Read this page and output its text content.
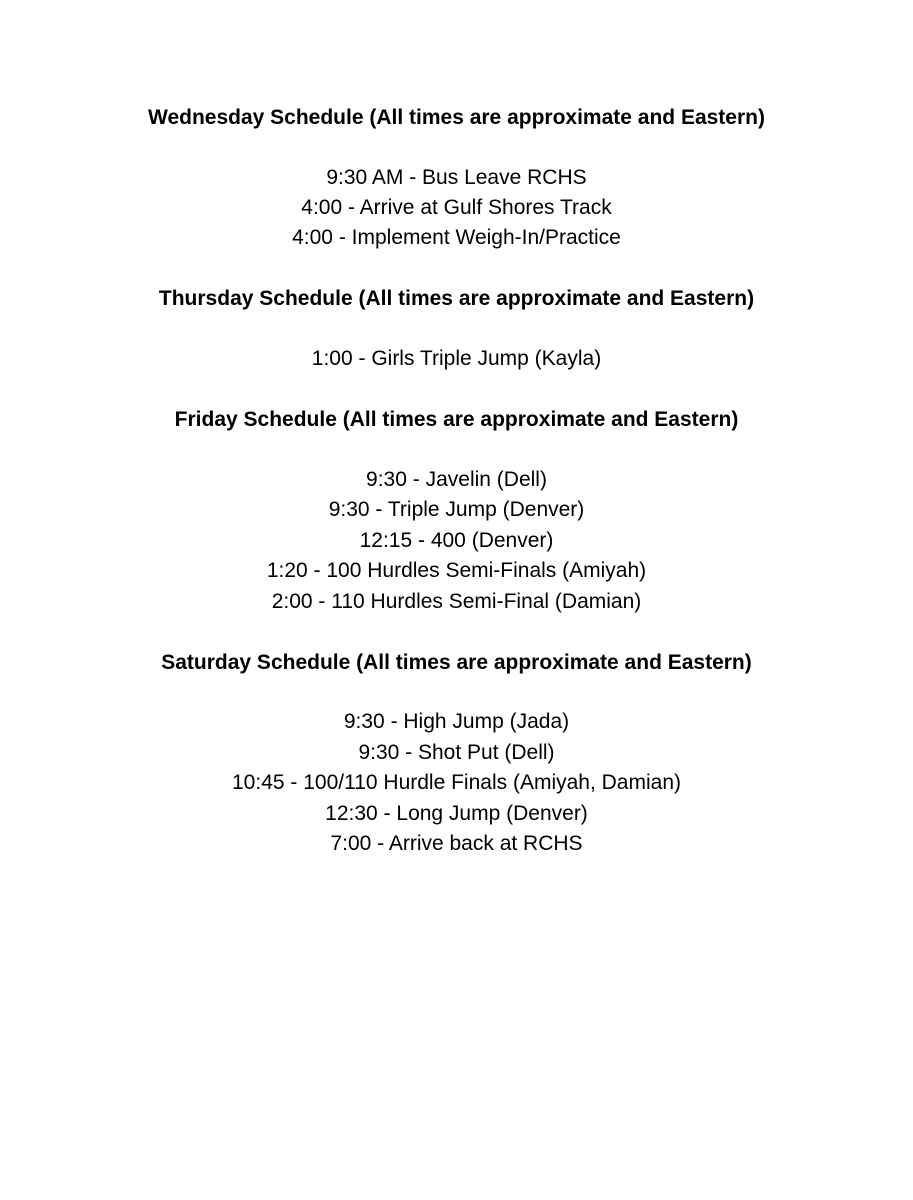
Wednesday Schedule (All times are approximate and Eastern)
9:30 AM - Bus Leave RCHS
4:00 - Arrive at Gulf Shores Track
4:00 - Implement Weigh-In/Practice
Thursday Schedule (All times are approximate and Eastern)
1:00 - Girls Triple Jump (Kayla)
Friday Schedule (All times are approximate and Eastern)
9:30 - Javelin (Dell)
9:30 - Triple Jump (Denver)
12:15 - 400 (Denver)
1:20 - 100 Hurdles Semi-Finals (Amiyah)
2:00 - 110 Hurdles Semi-Final (Damian)
Saturday Schedule (All times are approximate and Eastern)
9:30 - High Jump (Jada)
9:30 - Shot Put (Dell)
10:45 - 100/110 Hurdle Finals (Amiyah, Damian)
12:30 - Long Jump (Denver)
7:00 - Arrive back at RCHS
